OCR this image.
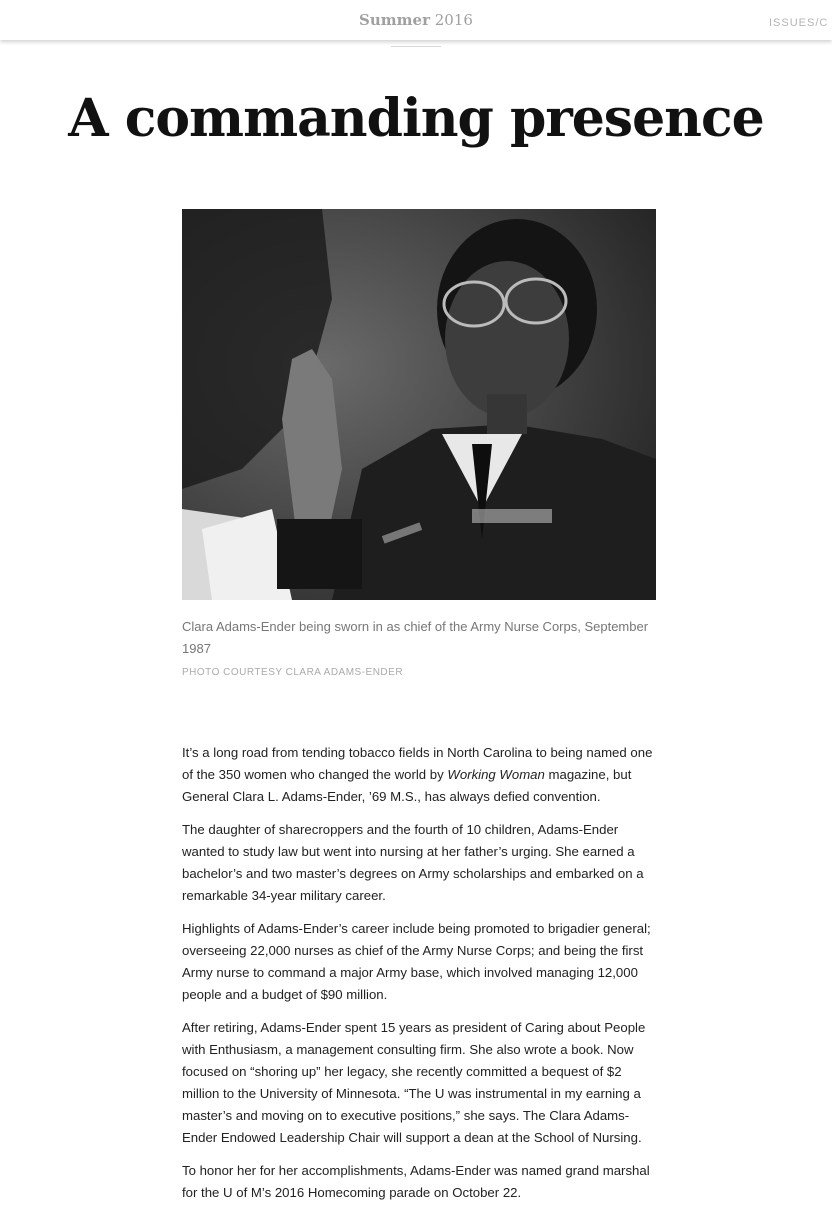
Summer 2016	ISSUES/C
A commanding presence
Clara Adams-Ender being sworn in as chief of the Army Nurse Corps, September 1987
PHOTO COURTESY CLARA ADAMS-ENDER

It’s a long road from tending tobacco fields in North Carolina to being named one of the 350 women who changed the world by Working Woman magazine, but General Clara L. Adams-Ender, ’69 M.S., has always defied convention.

The daughter of sharecroppers and the fourth of 10 children, Adams-Ender wanted to study law but went into nursing at her father’s urging. She earned a bachelor’s and two master’s degrees on Army scholarships and embarked on a remarkable 34-year military career.

Highlights of Adams-Ender’s career include being promoted to brigadier general; overseeing 22,000 nurses as chief of the Army Nurse Corps; and being the first Army nurse to command a major Army base, which involved managing 12,000 people and a budget of $90 million.

After retiring, Adams-Ender spent 15 years as president of Caring about People with Enthusiasm, a management consulting firm. She also wrote a book. Now focused on “shoring up” her legacy, she recently committed a bequest of $2 million to the University of Minnesota. “The U was instrumental in my earning a master’s and moving on to executive positions,” she says. The Clara Adams-Ender Endowed Leadership Chair will support a dean at the School of Nursing.

To honor her for her accomplishments, Adams-Ender was named grand marshal for the U of M’s 2016 Homecoming parade on October 22.
